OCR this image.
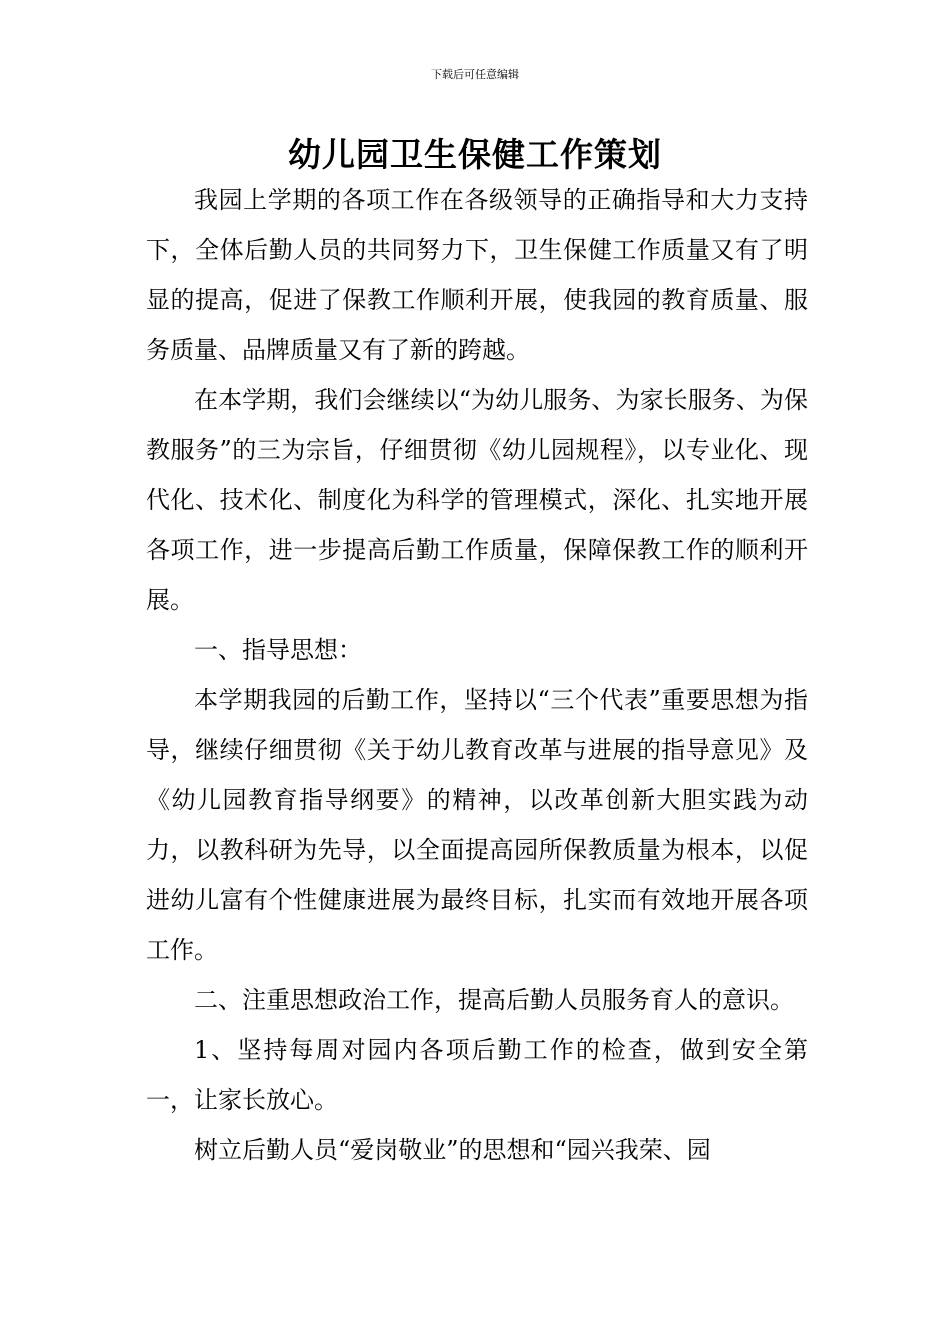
下载后可任意编辑
幼儿园卫生保健工作策划

我园上学期的各项工作在各级领导的正确指导和大力支持下，全体后勤人员的共同努力下，卫生保健工作质量又有了明显的提高，促进了保教工作顺利开展，使我园的教育质量、服务质量、品牌质量又有了新的跨越。

在本学期，我们会继续以“为幼儿服务、为家长服务、为保教服务”的三为宗旨，仔细贯彻《幼儿园规程》，以专业化、现代化、技术化、制度化为科学的管理模式，深化、扎实地开展各项工作，进一步提高后勤工作质量，保障保教工作的顺利开展。

一、指导思想：

本学期我园的后勤工作，坚持以“三个代表”重要思想为指导，继续仔细贯彻《关于幼儿教育改革与进展的指导意见》及《幼儿园教育指导纲要》的精神，以改革创新大胆实践为动力，以教科研为先导，以全面提高园所保教质量为根本，以促进幼儿富有个性健康进展为最终目标，扎实而有效地开展各项工作。

二、注重思想政治工作，提高后勤人员服务育人的意识。

1、坚持每周对园内各项后勤工作的检查，做到安全第一，让家长放心。

树立后勤人员“爱岗敬业”的思想和“园兴我荣、园
